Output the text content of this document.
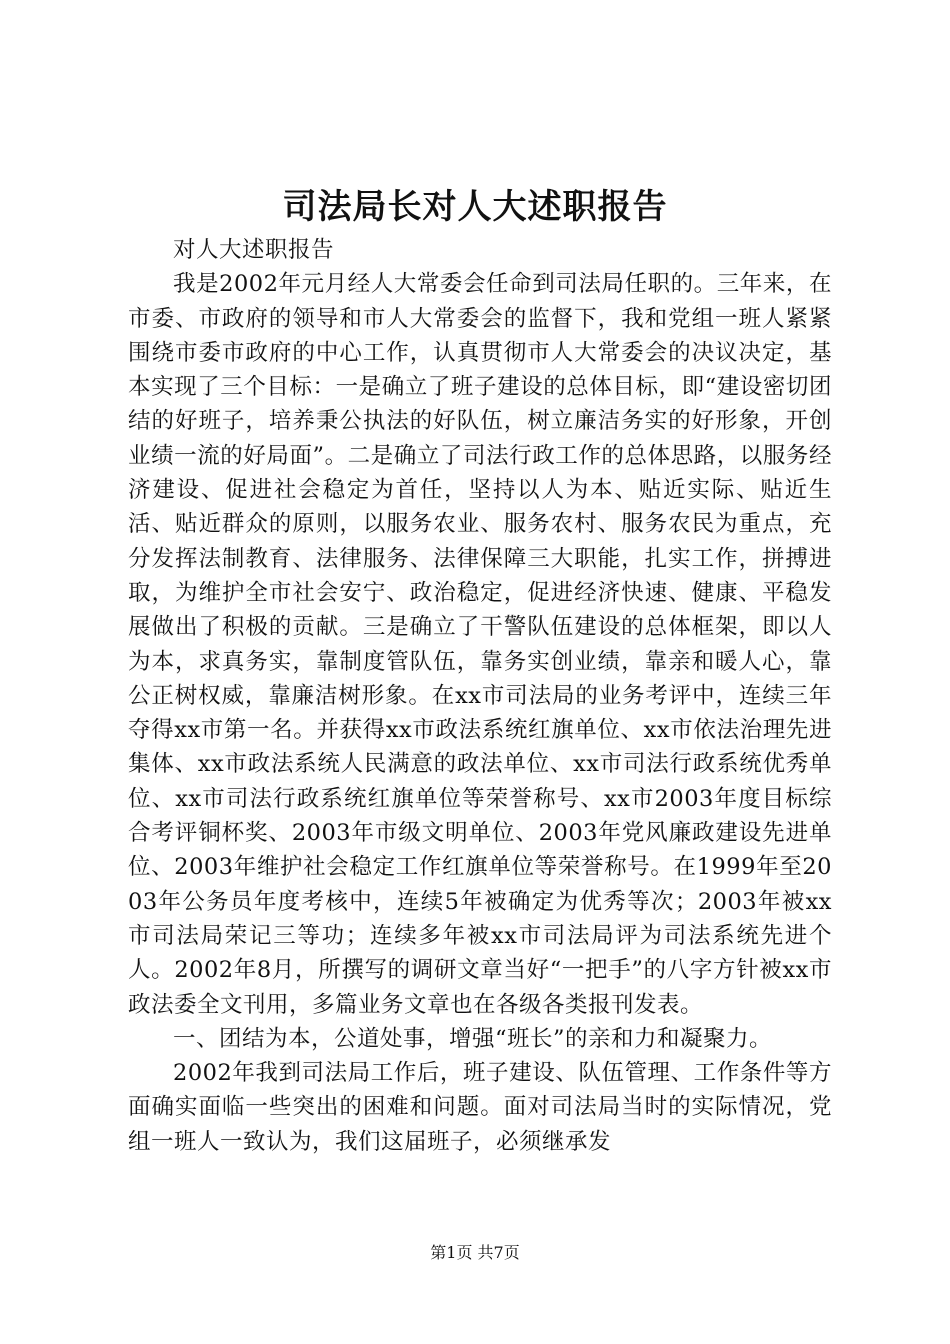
司法局长对人大述职报告

对人大述职报告

我是2002年元月经人大常委会任命到司法局任职的。三年来，在市委、市政府的领导和市人大常委会的监督下，我和党组一班人紧紧围绕市委市政府的中心工作，认真贯彻市人大常委会的决议决定，基本实现了三个目标：一是确立了班子建设的总体目标，即“建设密切团结的好班子，培养秉公执法的好队伍，树立廉洁务实的好形象，开创业绩一流的好局面”。二是确立了司法行政工作的总体思路，以服务经济建设、促进社会稳定为首任，坚持以人为本、贴近实际、贴近生活、贴近群众的原则，以服务农业、服务农村、服务农民为重点，充分发挥法制教育、法律服务、法律保障三大职能，扎实工作，拼搏进取，为维护全市社会安宁、政治稳定，促进经济快速、健康、平稳发展做出了积极的贡献。三是确立了干警队伍建设的总体框架，即以人为本，求真务实，靠制度管队伍，靠务实创业绩，靠亲和暖人心，靠公正树权威，靠廉洁树形象。在xx市司法局的业务考评中，连续三年夺得xx市第一名。并获得xx市政法系统红旗单位、xx市依法治理先进集体、xx市政法系统人民满意的政法单位、xx市司法行政系统优秀单位、xx市司法行政系统红旗单位等荣誉称号、xx市2003年度目标综合考评铜杯奖、2003年市级文明单位、2003年党风廉政建设先进单位、2003年维护社会稳定工作红旗单位等荣誉称号。在1999年至2003年公务员年度考核中，连续5年被确定为优秀等次；2003年被xx市司法局荣记三等功；连续多年被xx市司法局评为司法系统先进个人。2002年8月，所撰写的调研文章当好“一把手”的八字方针被xx市政法委全文刊用，多篇业务文章也在各级各类报刊发表。

一、团结为本，公道处事，增强“班长”的亲和力和凝聚力。

2002年我到司法局工作后，班子建设、队伍管理、工作条件等方面确实面临一些突出的困难和问题。面对司法局当时的实际情况，党组一班人一致认为，我们这届班子，必须继承发

第1页 共7页
